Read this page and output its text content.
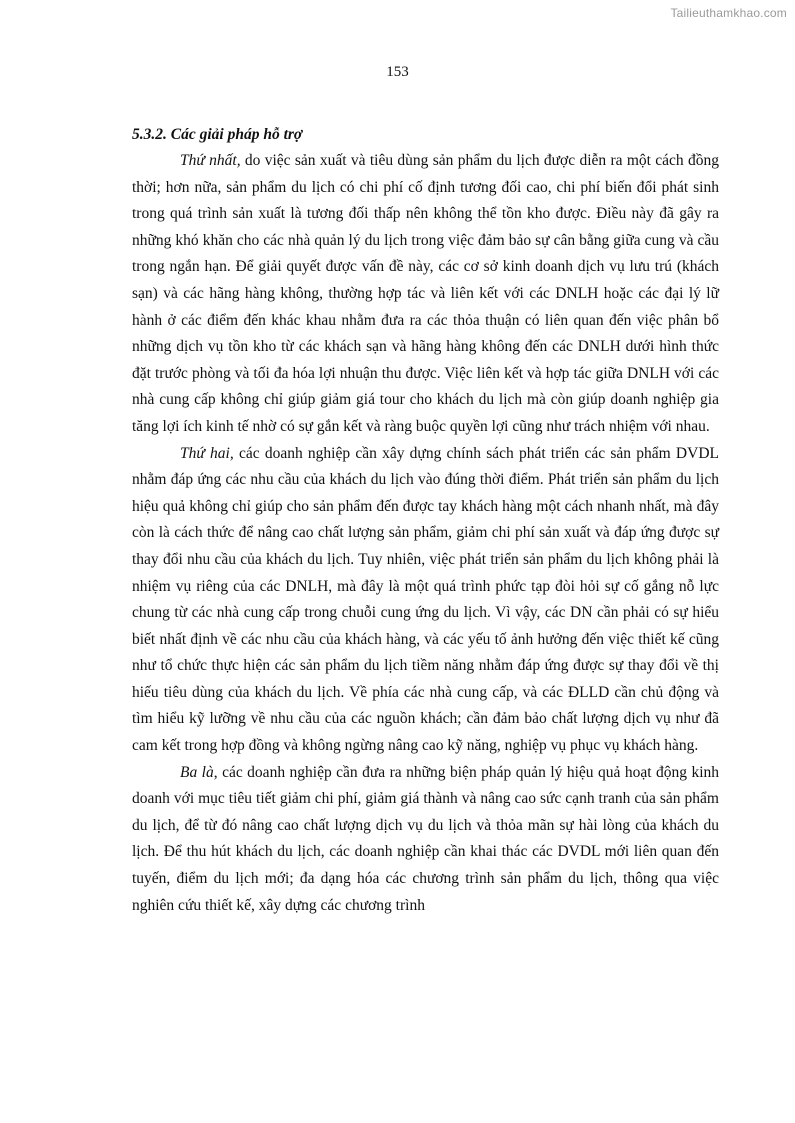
Tailieuthamkhao.com
153

5.3.2. Các giải pháp hỗ trợ

Thứ nhất, do việc sản xuất và tiêu dùng sản phẩm du lịch được diễn ra một cách đồng thời; hơn nữa, sản phẩm du lịch có chi phí cố định tương đối cao, chi phí biến đổi phát sinh trong quá trình sản xuất là tương đối thấp nên không thể tồn kho được. Điều này đã gây ra những khó khăn cho các nhà quản lý du lịch trong việc đảm bảo sự cân bằng giữa cung và cầu trong ngắn hạn. Để giải quyết được vấn đề này, các cơ sở kinh doanh dịch vụ lưu trú (khách sạn) và các hãng hàng không, thường hợp tác và liên kết với các DNLH hoặc các đại lý lữ hành ở các điểm đến khác khau nhằm đưa ra các thỏa thuận có liên quan đến việc phân bổ những dịch vụ tồn kho từ các khách sạn và hãng hàng không đến các DNLH dưới hình thức đặt trước phòng và tối đa hóa lợi nhuận thu được. Việc liên kết và hợp tác giữa DNLH với các nhà cung cấp không chỉ giúp giảm giá tour cho khách du lịch mà còn giúp doanh nghiệp gia tăng lợi ích kinh tế nhờ có sự gắn kết và ràng buộc quyền lợi cũng như trách nhiệm với nhau.

Thứ hai, các doanh nghiệp cần xây dựng chính sách phát triển các sản phẩm DVDL nhằm đáp ứng các nhu cầu của khách du lịch vào đúng thời điểm. Phát triển sản phẩm du lịch hiệu quả không chỉ giúp cho sản phẩm đến được tay khách hàng một cách nhanh nhất, mà đây còn là cách thức để nâng cao chất lượng sản phẩm, giảm chi phí sản xuất và đáp ứng được sự thay đổi nhu cầu của khách du lịch. Tuy nhiên, việc phát triển sản phẩm du lịch không phải là nhiệm vụ riêng của các DNLH, mà đây là một quá trình phức tạp đòi hỏi sự cố gắng nỗ lực chung từ các nhà cung cấp trong chuỗi cung ứng du lịch. Vì vậy, các DN cần phải có sự hiểu biết nhất định về các nhu cầu của khách hàng, và các yếu tố ảnh hưởng đến việc thiết kế cũng như tổ chức thực hiện các sản phẩm du lịch tiềm năng nhằm đáp ứng được sự thay đổi về thị hiếu tiêu dùng của khách du lịch. Về phía các nhà cung cấp, và các ĐLLD cần chủ động và tìm hiểu kỹ lưỡng về nhu cầu của các nguồn khách; cần đảm bảo chất lượng dịch vụ như đã cam kết trong hợp đồng và không ngừng nâng cao kỹ năng, nghiệp vụ phục vụ khách hàng.

Ba là, các doanh nghiệp cần đưa ra những biện pháp quản lý hiệu quả hoạt động kinh doanh với mục tiêu tiết giảm chi phí, giảm giá thành và nâng cao sức cạnh tranh của sản phẩm du lịch, để từ đó nâng cao chất lượng dịch vụ du lịch và thỏa mãn sự hài lòng của khách du lịch. Để thu hút khách du lịch, các doanh nghiệp cần khai thác các DVDL mới liên quan đến tuyến, điểm du lịch mới; đa dạng hóa các chương trình sản phẩm du lịch, thông qua việc nghiên cứu thiết kế, xây dựng các chương trình
